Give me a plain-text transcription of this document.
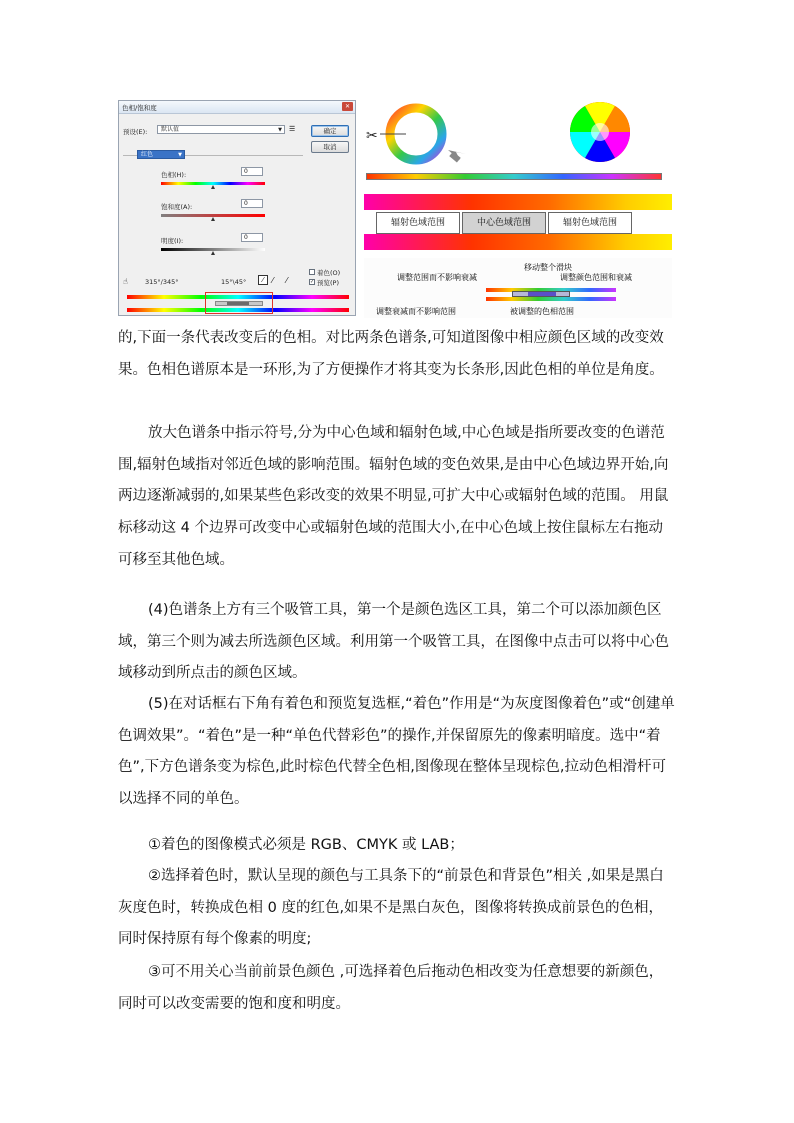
色相/饱和度	✕
预设(E):	默认值	▼ ☰	确定
取消
红色	▼
色相(H):	0
饱和度(A):	0
明度(I):	0
☝	315°/345°	15°\45°	⁄	⁄ ⁄
着色(O)
✓ 预览(P)
✂
辐射色域范围	中心色域范围	辐射色域范围
移动整个滑块
调整范围而不影响衰减	调整颜色范围和衰减
调整衰减而不影响范围	被调整的色相范围

的,下面一条代表改变后的色相。对比两条色谱条,可知道图像中相应颜色区域的改变效果。色相色谱原本是一环形,为了方便操作才将其变为长条形,因此色相的单位是角度。

放大色谱条中指示符号,分为中心色域和辐射色域,中心色域是指所要改变的色谱范围,辐射色域指对邻近色域的影响范围。辐射色域的变色效果,是由中心色域边界开始,向两边逐渐减弱的,如果某些色彩改变的效果不明显,可扩大中心或辐射色域的范围。 用鼠标移动这 4 个边界可改变中心或辐射色域的范围大小,在中心色域上按住鼠标左右拖动可移至其他色域。

(4)色谱条上方有三个吸管工具，第一个是颜色选区工具，第二个可以添加颜色区域，第三个则为减去所选颜色区域。利用第一个吸管工具，在图像中点击可以将中心色域移动到所点击的颜色区域。

(5)在对话框右下角有着色和预览复选框,“着色”作用是“为灰度图像着色”或“创建单色调效果”。“着色”是一种“单色代替彩色”的操作,并保留原先的像素明暗度。选中“着色”,下方色谱条变为棕色,此时棕色代替全色相,图像现在整体呈现棕色,拉动色相滑杆可以选择不同的单色。

①着色的图像模式必须是 RGB、CMYK 或 LAB；

②选择着色时，默认呈现的颜色与工具条下的“前景色和背景色”相关 ,如果是黑白灰度色时，转换成色相 0 度的红色,如果不是黑白灰色，图像将转换成前景色的色相，同时保持原有每个像素的明度;

③可不用关心当前前景色颜色 ,可选择着色后拖动色相改变为任意想要的新颜色，同时可以改变需要的饱和度和明度。
